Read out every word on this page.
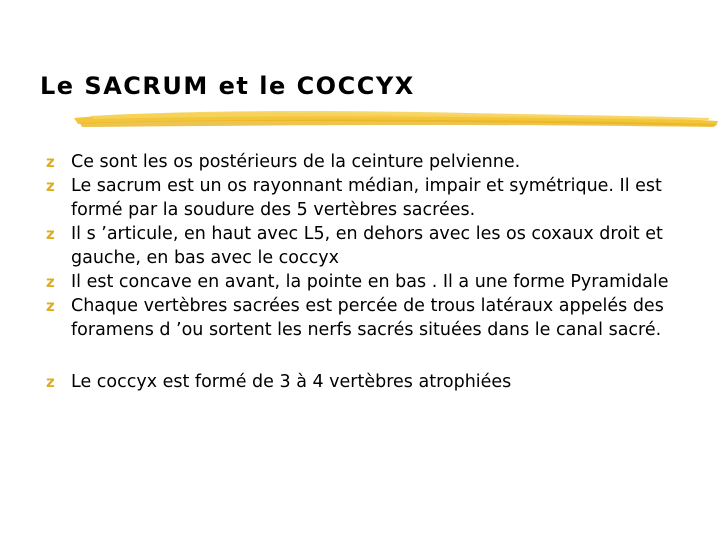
Le SACRUM et le COCCYX
z Ce sont les os postérieurs de la ceinture pelvienne.
z Le sacrum est un os rayonnant médian, impair et symétrique. Il est formé par la soudure des 5 vertèbres sacrées.
z Il s ’articule, en haut avec L5, en dehors avec les os coxaux droit et gauche, en bas avec le coccyx
z Il est concave en avant, la pointe en bas . Il a une forme Pyramidale
z Chaque vertèbres sacrées est percée de trous latéraux appelés des foramens d ’ou sortent les nerfs sacrés situées dans le canal sacré.
z Le coccyx est formé de 3 à 4 vertèbres atrophiées
